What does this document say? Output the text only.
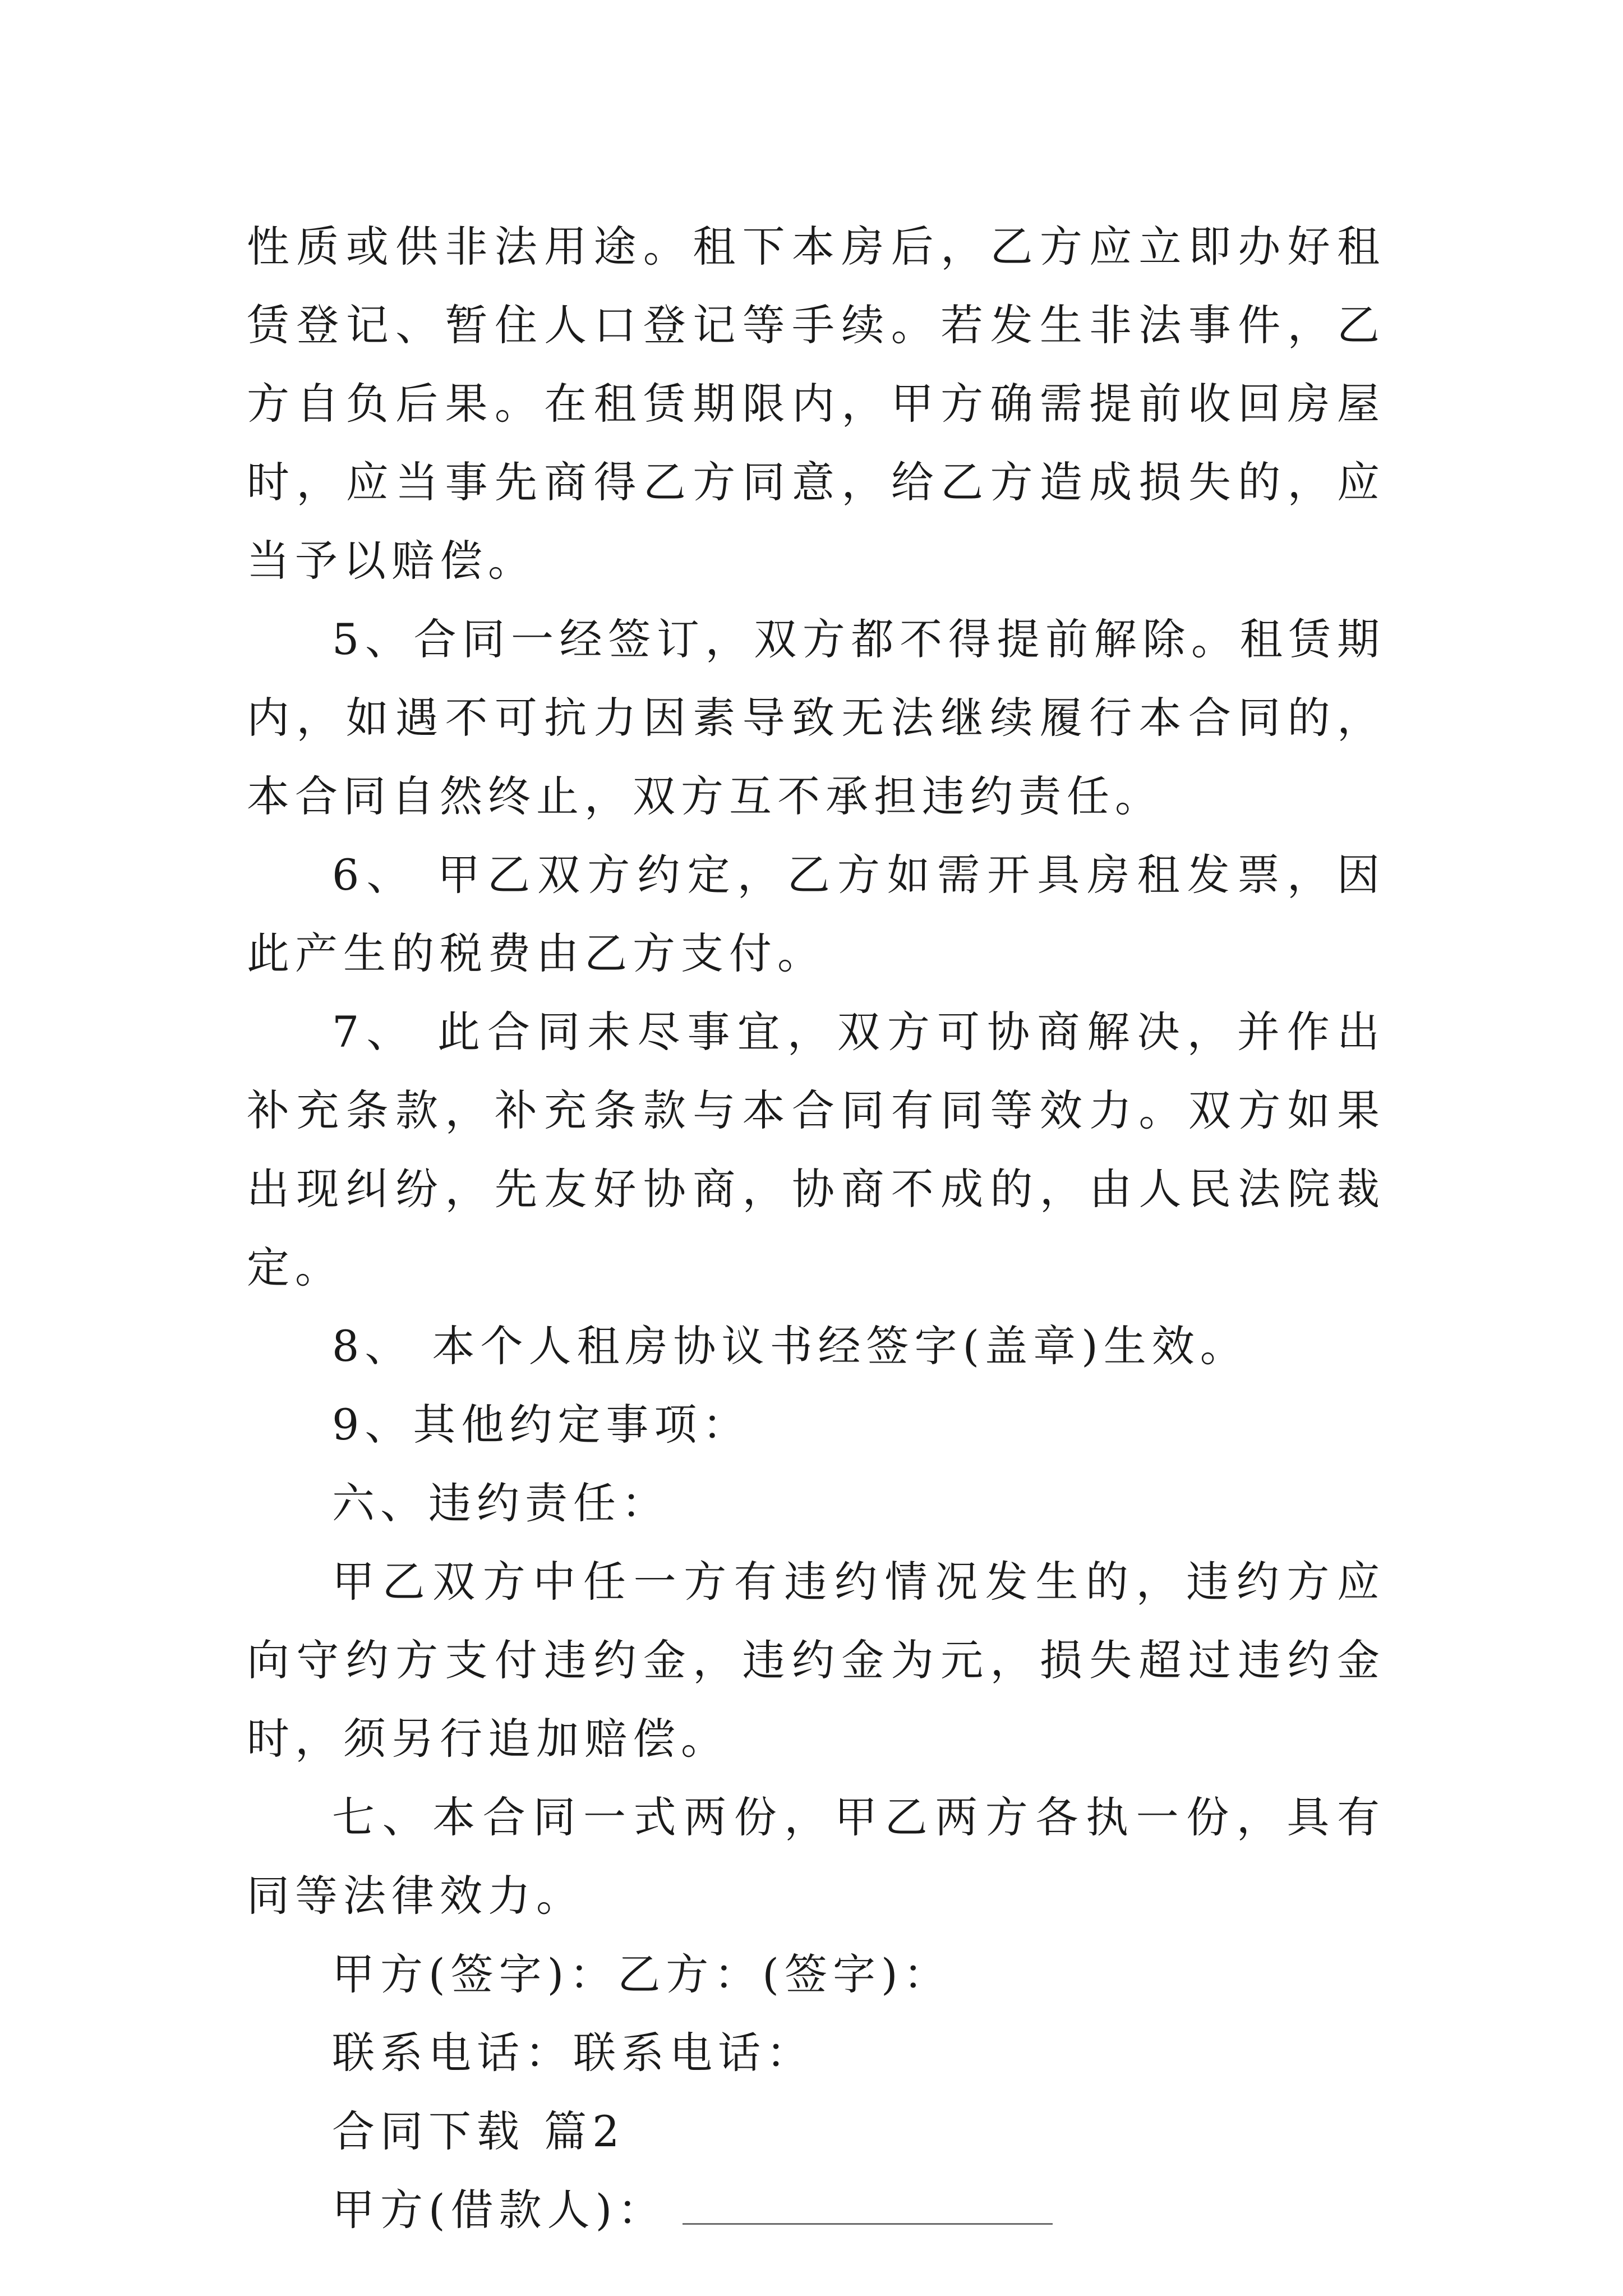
性质或供非法用途。租下本房后，乙方应立即办好租赁登记、暂住人口登记等手续。若发生非法事件，乙方自负后果。在租赁期限内，甲方确需提前收回房屋时，应当事先商得乙方同意，给乙方造成损失的，应当予以赔偿。

5、合同一经签订，双方都不得提前解除。租赁期内，如遇不可抗力因素导致无法继续履行本合同的，本合同自然终止，双方互不承担违约责任。

6、 甲乙双方约定，乙方如需开具房租发票，因此产生的税费由乙方支付。

7、 此合同未尽事宜，双方可协商解决，并作出补充条款，补充条款与本合同有同等效力。双方如果出现纠纷，先友好协商，协商不成的，由人民法院裁定。

8、 本个人租房协议书经签字(盖章)生效。

9、其他约定事项：

六、违约责任：

甲乙双方中任一方有违约情况发生的，违约方应向守约方支付违约金，违约金为元，损失超过违约金时，须另行追加赔偿。

七、本合同一式两份，甲乙两方各执一份，具有同等法律效力。

甲方(签字)：乙方：(签字)：

联系电话：联系电话：

合同下载 篇2

甲方(借款人)：
